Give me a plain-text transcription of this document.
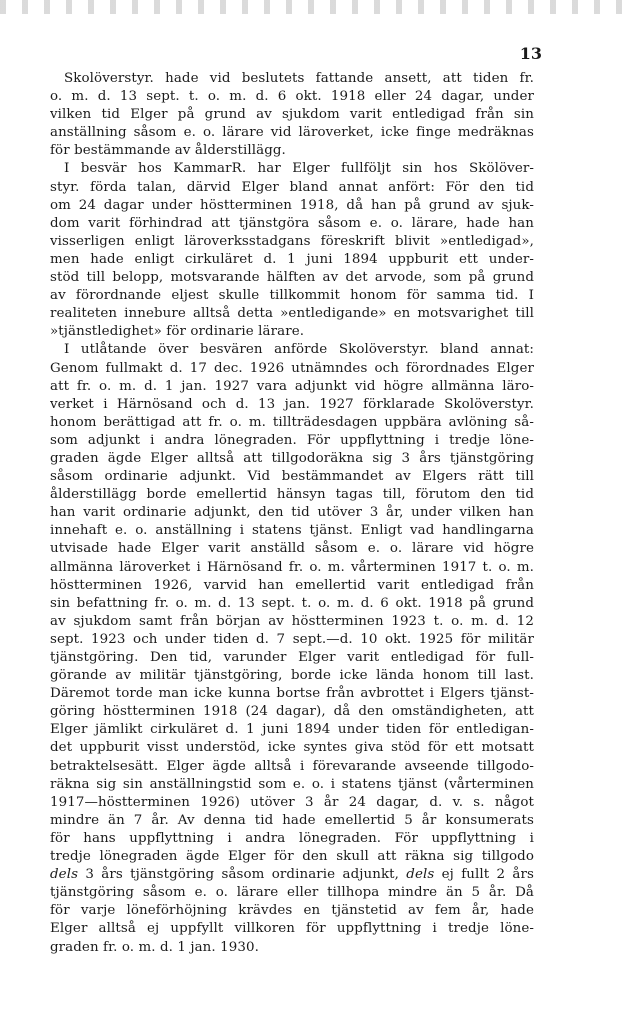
13
Skolöverstyr. hade vid beslutets fattande ansett, att tiden fr.
o. m. d. 13 sept. t. o. m. d. 6 okt. 1918 eller 24 dagar, under
vilken tid Elger på grund av sjukdom varit entledigad från sin
anställning såsom e. o. lärare vid läroverket, icke finge medräknas
för bestämmande av ålderstillägg.
I besvär hos KammarR. har Elger fullföljt sin hos Skölöver-
styr. förda talan, därvid Elger bland annat anfört: För den tid
om 24 dagar under höstterminen 1918, då han på grund av sjuk-
dom varit förhindrad att tjänstgöra såsom e. o. lärare, hade han
visserligen enligt läroverksstadgans föreskrift blivit »entledigad»,
men hade enligt cirkuläret d. 1 juni 1894 uppburit ett under-
stöd till belopp, motsvarande hälften av det arvode, som på grund
av förordnande eljest skulle tillkommit honom för samma tid. I
realiteten innebure alltså detta »entledigande» en motsvarighet till
»tjänstledighet» för ordinarie lärare.
I utlåtande över besvären anförde Skolöverstyr. bland annat:
Genom fullmakt d. 17 dec. 1926 utnämndes och förordnades Elger
att fr. o. m. d. 1 jan. 1927 vara adjunkt vid högre allmänna läro-
verket i Härnösand och d. 13 jan. 1927 förklarade Skolöverstyr.
honom berättigad att fr. o. m. tillträdesdagen uppbära avlöning så-
som adjunkt i andra lönegraden. För uppflyttning i tredje löne-
graden ägde Elger alltså att tillgodoräkna sig 3 års tjänstgöring
såsom ordinarie adjunkt. Vid bestämmandet av Elgers rätt till
ålderstillägg borde emellertid hänsyn tagas till, förutom den tid
han varit ordinarie adjunkt, den tid utöver 3 år, under vilken han
innehaft e. o. anställning i statens tjänst. Enligt vad handlingarna
utvisade hade Elger varit anställd såsom e. o. lärare vid högre
allmänna läroverket i Härnösand fr. o. m. vårterminen 1917 t. o. m.
höstterminen 1926, varvid han emellertid varit entledigad från
sin befattning fr. o. m. d. 13 sept. t. o. m. d. 6 okt. 1918 på grund
av sjukdom samt från början av höstterminen 1923 t. o. m. d. 12
sept. 1923 och under tiden d. 7 sept.—d. 10 okt. 1925 för militär
tjänstgöring. Den tid, varunder Elger varit entledigad för full-
görande av militär tjänstgöring, borde icke lända honom till last.
Däremot torde man icke kunna bortse från avbrottet i Elgers tjänst-
göring höstterminen 1918 (24 dagar), då den omständigheten, att
Elger jämlikt cirkuläret d. 1 juni 1894 under tiden för entledigan-
det uppburit visst understöd, icke syntes giva stöd för ett motsatt
betraktelsesätt. Elger ägde alltså i förevarande avseende tillgodo-
räkna sig sin anställningstid som e. o. i statens tjänst (vårterminen
1917—höstterminen 1926) utöver 3 år 24 dagar, d. v. s. något
mindre än 7 år. Av denna tid hade emellertid 5 år konsumerats
för hans uppflyttning i andra lönegraden. För uppflyttning i
tredje lönegraden ägde Elger för den skull att räkna sig tillgodo
dels 3 års tjänstgöring såsom ordinarie adjunkt, dels ej fullt 2 års
tjänstgöring såsom e. o. lärare eller tillhopa mindre än 5 år. Då
för varje löneförhöjning krävdes en tjänstetid av fem år, hade
Elger alltså ej uppfyllt villkoren för uppflyttning i tredje löne-
graden fr. o. m. d. 1 jan. 1930.
